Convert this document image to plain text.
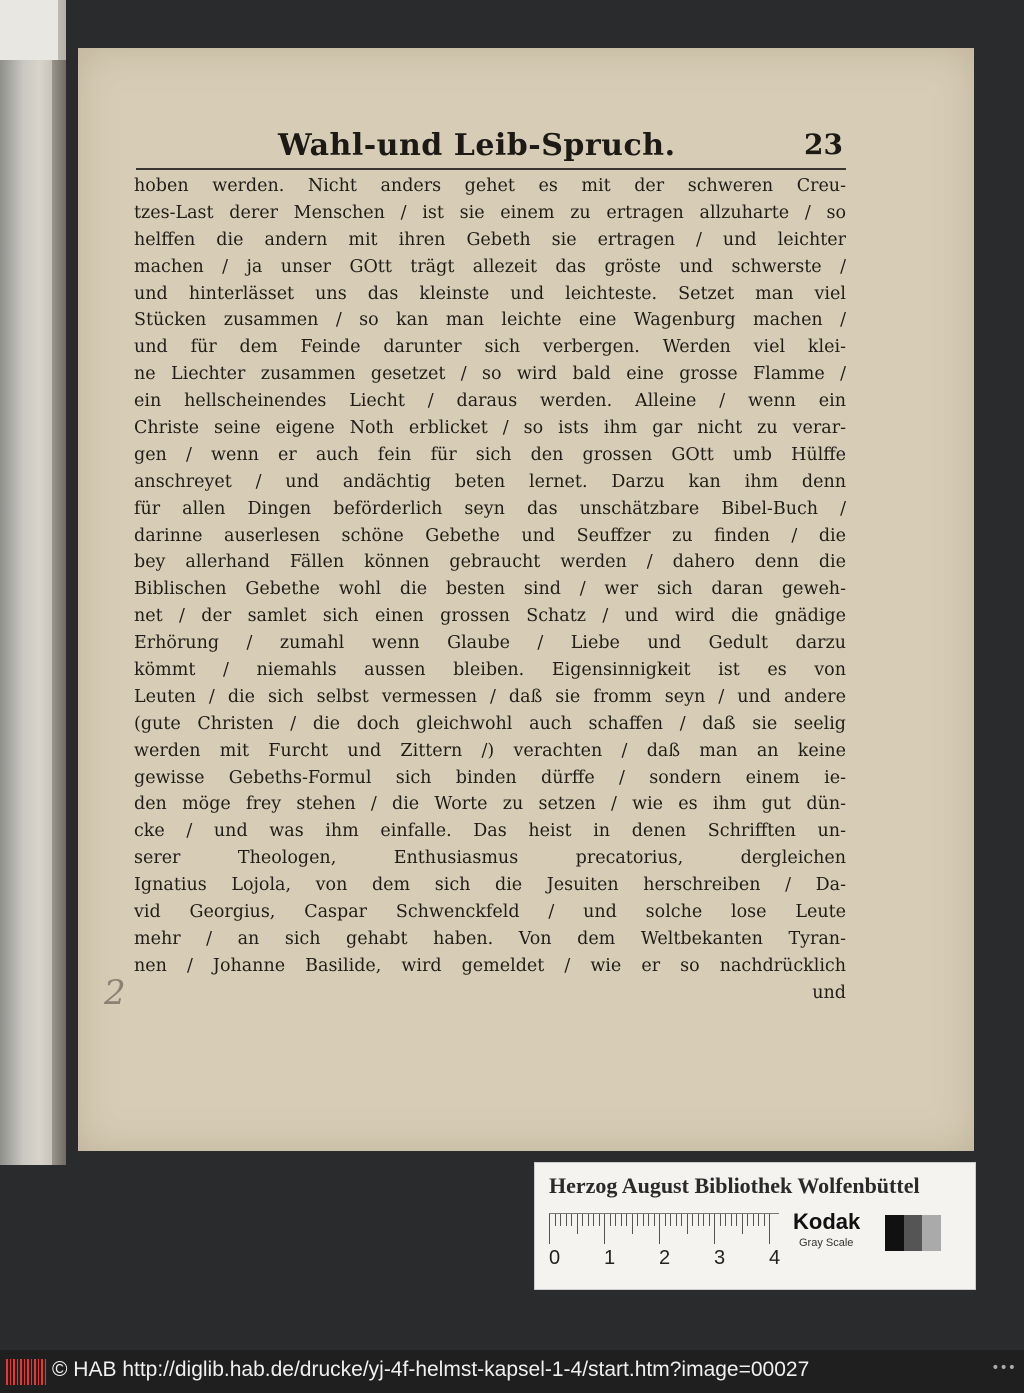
Wahl-und Leib-Spruch.	23
hoben werden. Nicht anders gehet es mit der schweren Creu-
tzes-Last derer Menschen / ist sie einem zu ertragen allzuharte / so
helffen die andern mit ihren Gebeth sie ertragen / und leichter
machen / ja unser GOtt trägt allezeit das gröste und schwerste /
und hinterlässet uns das kleinste und leichteste. Setzet man viel
Stücken zusammen / so kan man leichte eine Wagenburg machen /
und für dem Feinde darunter sich verbergen. Werden viel klei-
ne Liechter zusammen gesetzet / so wird bald eine grosse Flamme /
ein hellscheinendes Liecht / daraus werden. Alleine / wenn ein
Christe seine eigene Noth erblicket / so ists ihm gar nicht zu verar-
gen / wenn er auch fein für sich den grossen GOtt umb Hülffe
anschreyet / und andächtig beten lernet. Darzu kan ihm denn
für allen Dingen beförderlich seyn das unschätzbare Bibel-Buch /
darinne auserlesen schöne Gebethe und Seuffzer zu finden / die
bey allerhand Fällen können gebraucht werden / dahero denn die
Biblischen Gebethe wohl die besten sind / wer sich daran geweh-
net / der samlet sich einen grossen Schatz / und wird die gnädige
Erhörung / zumahl wenn Glaube / Liebe und Gedult darzu
kömmt / niemahls aussen bleiben. Eigensinnigkeit ist es von
Leuten / die sich selbst vermessen / daß sie fromm seyn / und andere
(gute Christen / die doch gleichwohl auch schaffen / daß sie seelig
werden mit Furcht und Zittern /) verachten / daß man an keine
gewisse Gebeths-Formul sich binden dürffe / sondern einem ie-
den möge frey stehen / die Worte zu setzen / wie es ihm gut dün-
cke / und was ihm einfalle. Das heist in denen Schrifften un-
serer Theologen, Enthusiasmus precatorius, dergleichen
Ignatius Lojola, von dem sich die Jesuiten herschreiben / Da-
vid Georgius, Caspar Schwenckfeld / und solche lose Leute
mehr / an sich gehabt haben. Von dem Weltbekanten Tyran-
nen / Johanne Basilide, wird gemeldet / wie er so nachdrücklich
und
2
Herzog August Bibliothek Wolfenbüttel
0 1 2 3 4
Kodak
Gray Scale
© HAB http://diglib.hab.de/drucke/yj-4f-helmst-kapsel-1-4/start.htm?image=00027	•••
